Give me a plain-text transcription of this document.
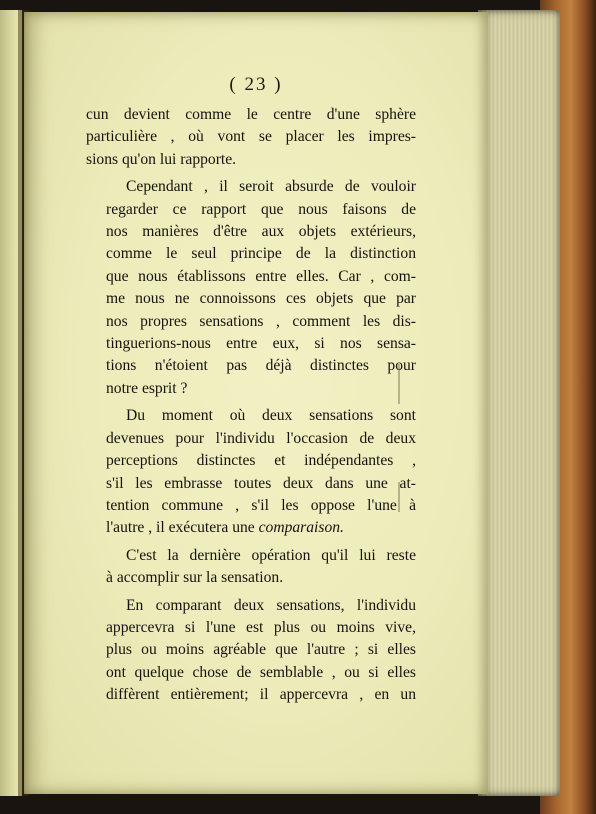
( 23 )
cun devient comme le centre d'une sphère
particulière , où vont se placer les impres-
sions qu'on lui rapporte.
Cependant , il seroit absurde de vouloir
regarder ce rapport que nous faisons de
nos manières d'être aux objets extérieurs,
comme le seul principe de la distinction
que nous établissons entre elles. Car , com-
me nous ne connoissons ces objets que par
nos propres sensations , comment les dis-
tinguerions-nous entre eux, si nos sensa-
tions n'étoient pas déjà distinctes pour
notre esprit ?
Du moment où deux sensations sont
devenues pour l'individu l'occasion de deux
perceptions distinctes et indépendantes ,
s'il les embrasse toutes deux dans une at-
tention commune , s'il les oppose l'une à
l'autre , il exécutera une comparaison.
C'est la dernière opération qu'il lui reste
à accomplir sur la sensation.
En comparant deux sensations, l'individu
appercevra si l'une est plus ou moins vive,
plus ou moins agréable que l'autre ; si elles
ont quelque chose de semblable , ou si elles
diffèrent entièrement; il appercevra , en un
